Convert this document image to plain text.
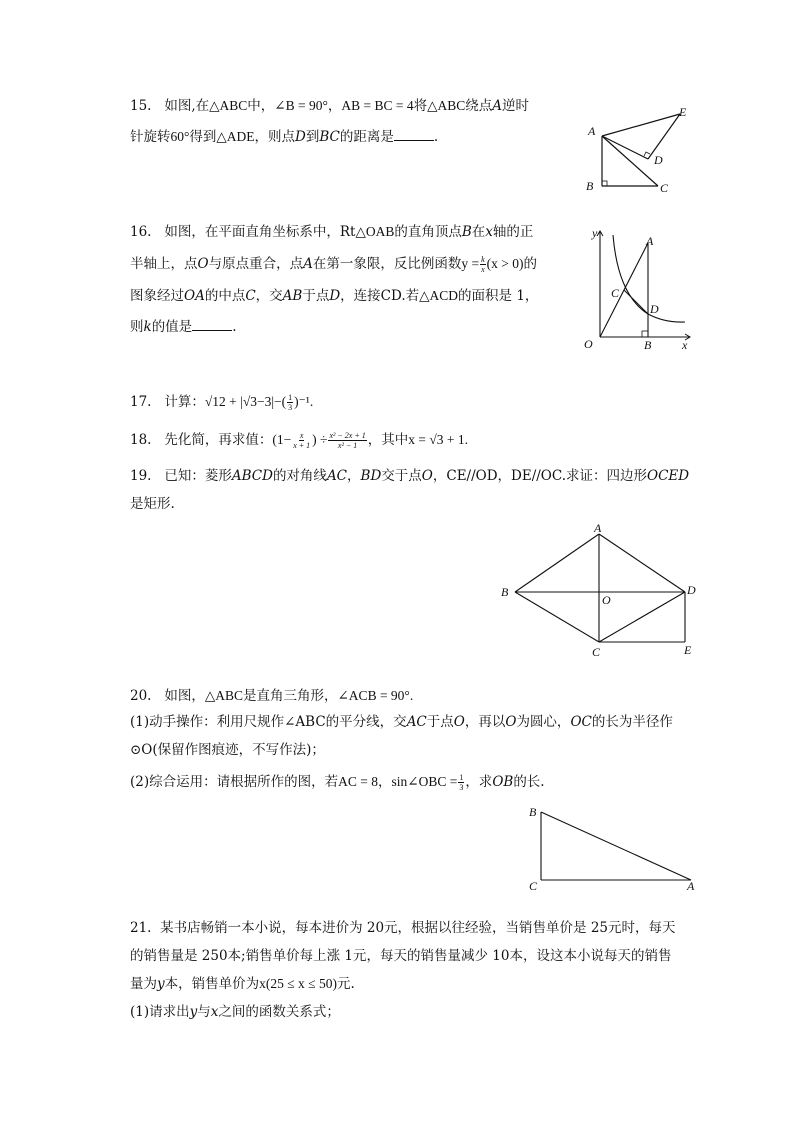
15. 如图,在△ABC中，∠B = 90°，AB = BC = 4将△ABC绕点A逆时
针旋转60°得到△ADE，则点D到BC的距离是	.	A
E
D
B	C
16. 如图，在平面直角坐标系中，Rt△OAB的直角顶点B在x轴的正
半轴上，点O与原点重合，点A在第一象限，反比例函数$y = \frac{k}{x} (x > 0)$的
图象经过OA的中点C，交AB于点D，连接CD.若△ACD的面积是 1，
则k的值是	.
y
A
C
D
O	B	x
17. 计算：$√12 + |√3-3|-( \frac{1}{3} )^{-1}$.
18. 先化简，再求值：($1- \frac{x}{x + 1}$ ) ÷ $\frac{\text{x² − 2x + 1}}{\text{x² − 1}}$ ，其中x = √3 + 1.
19. 已知：菱形ABCD的对角线AC，BD交于点O，CE//OD，DE//OC.求证：四边形OCED
是矩形.
A
B
O
D
C	E
20. 如图，△ABC是直角三角形，∠ACB = 90°.
(1)动手操作：利用尺规作∠ABC的平分线，交AC于点O，再以O为圆心，OC的长为半径作
⊙O(保留作图痕迹，不写作法)；
(2)综合运用：请根据所作的图，若AC = 8，sin∠OBC = $\frac{1}{3}$ ，求OB的长.
B
C	A
21. 某书店畅销一本小说，每本进价为 20元，根据以往经验，当销售单价是 25元时，每天
的销售量是 250本;销售单价每上涨 1元，每天的销售量减少 10本，设这本小说每天的销售
量为y本，销售单价为x(25 ≤ x ≤ 50)元.
(1)请求出y与x之间的函数关系式；
